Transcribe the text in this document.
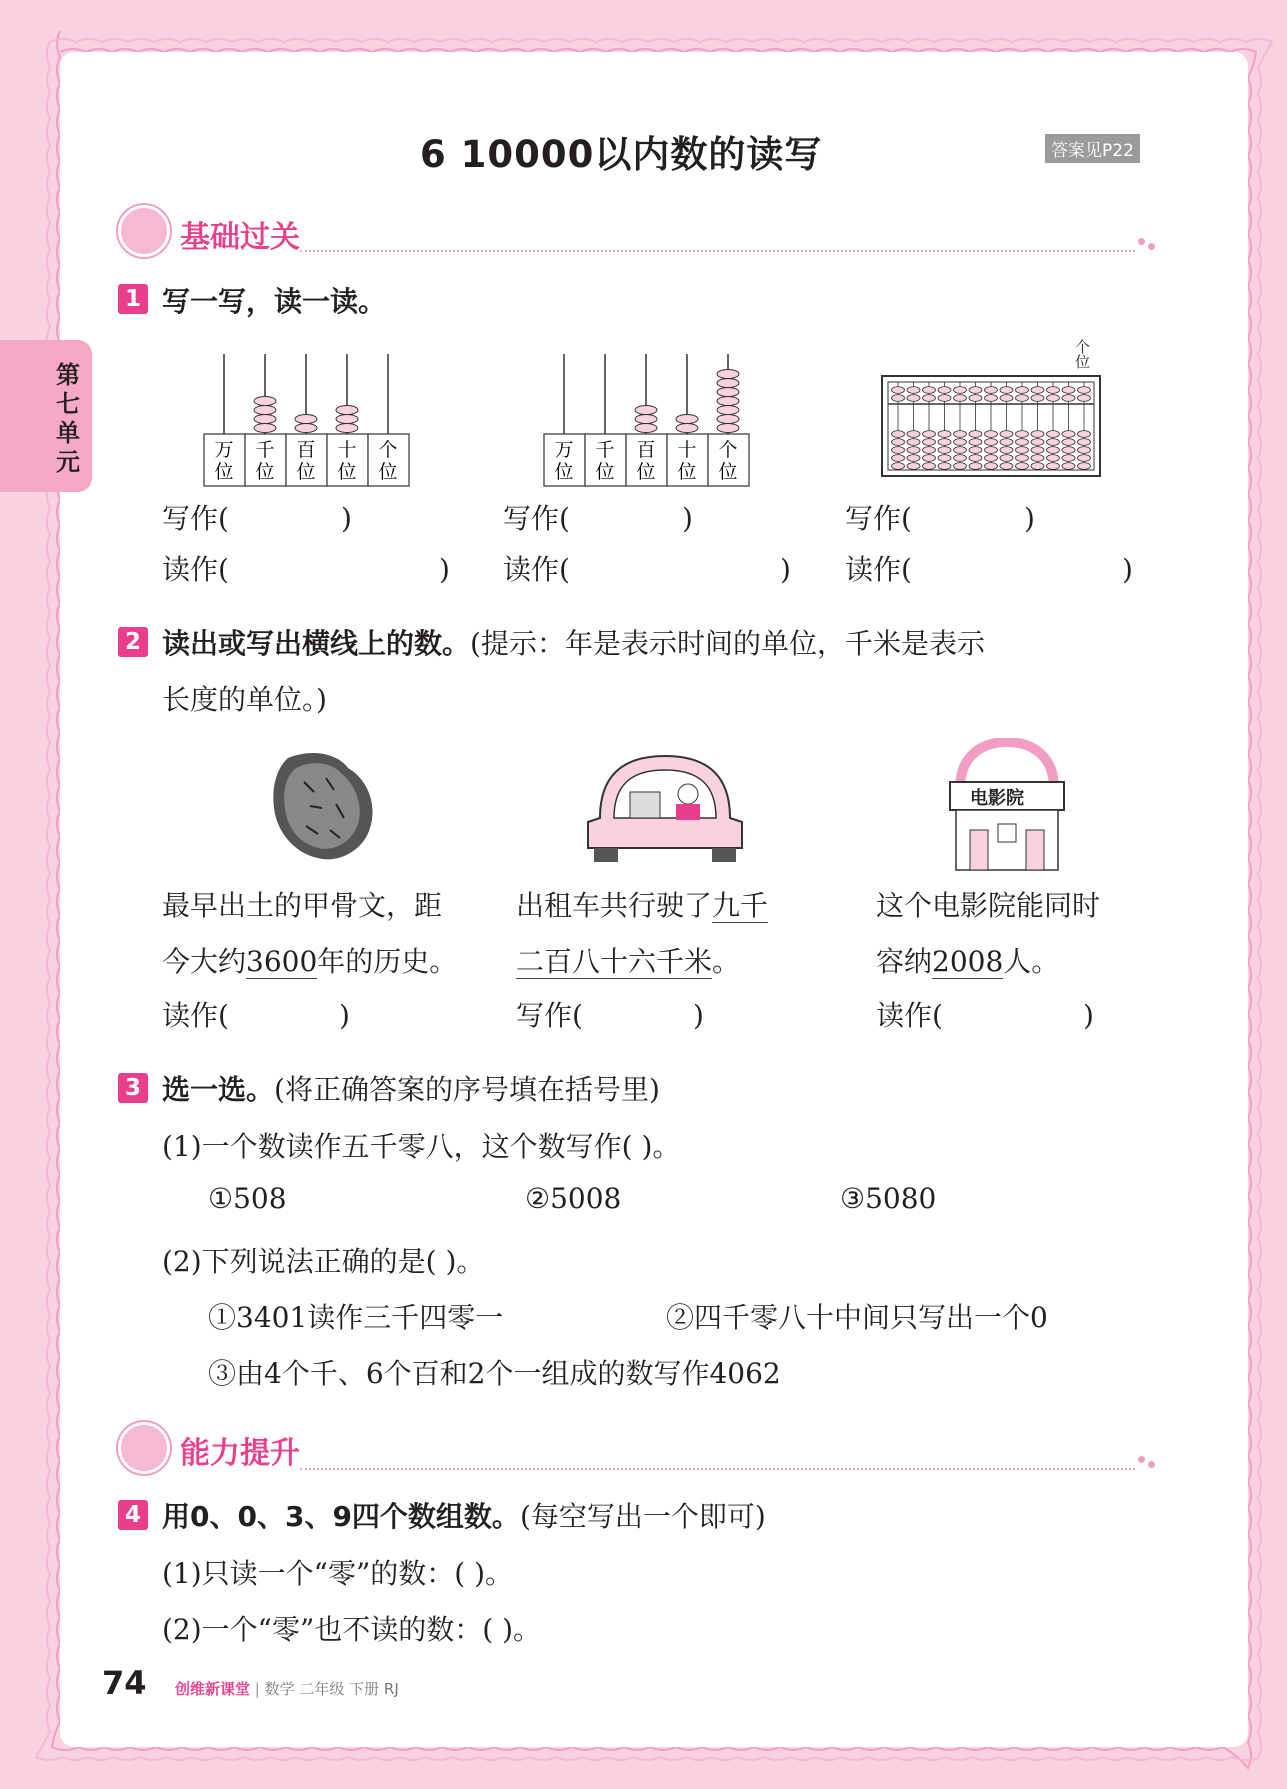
第
七
单
元
6 10000以内数的读写	答案见P22
基础过关
1 写一写，读一读。
万
位
千
位
百
位
十
位
个
位
万
位
千
位
百
位
十
位
个
位
个位
写作(	)
读作(	)
写作(	)
读作(	)
写作(	)
读作(	)
2 读出或写出横线上的数。(提示：年是表示时间的单位，千米是表示
长度的单位。)
电影院
最早出土的甲骨文，距
今大约3600年的历史。
读作(	)
出租车共行驶了九千
二百八十六千米。
写作(	)
这个电影院能同时
容纳2008人。
读作(	)
3 选一选。(将正确答案的序号填在括号里)
(1)一个数读作五千零八，这个数写作( )。
①508	②5008	③5080
(2)下列说法正确的是( )。
①3401读作三千四零一	②四千零八十中间只写出一个0
③由4个千、6个百和2个一组成的数写作4062
能力提升
4 用0、0、3、9四个数组数。(每空写出一个即可)
(1)只读一个“零”的数：( )。
(2)一个“零”也不读的数：( )。
74 创维新课堂 | 数学 二年级 下册 RJ
